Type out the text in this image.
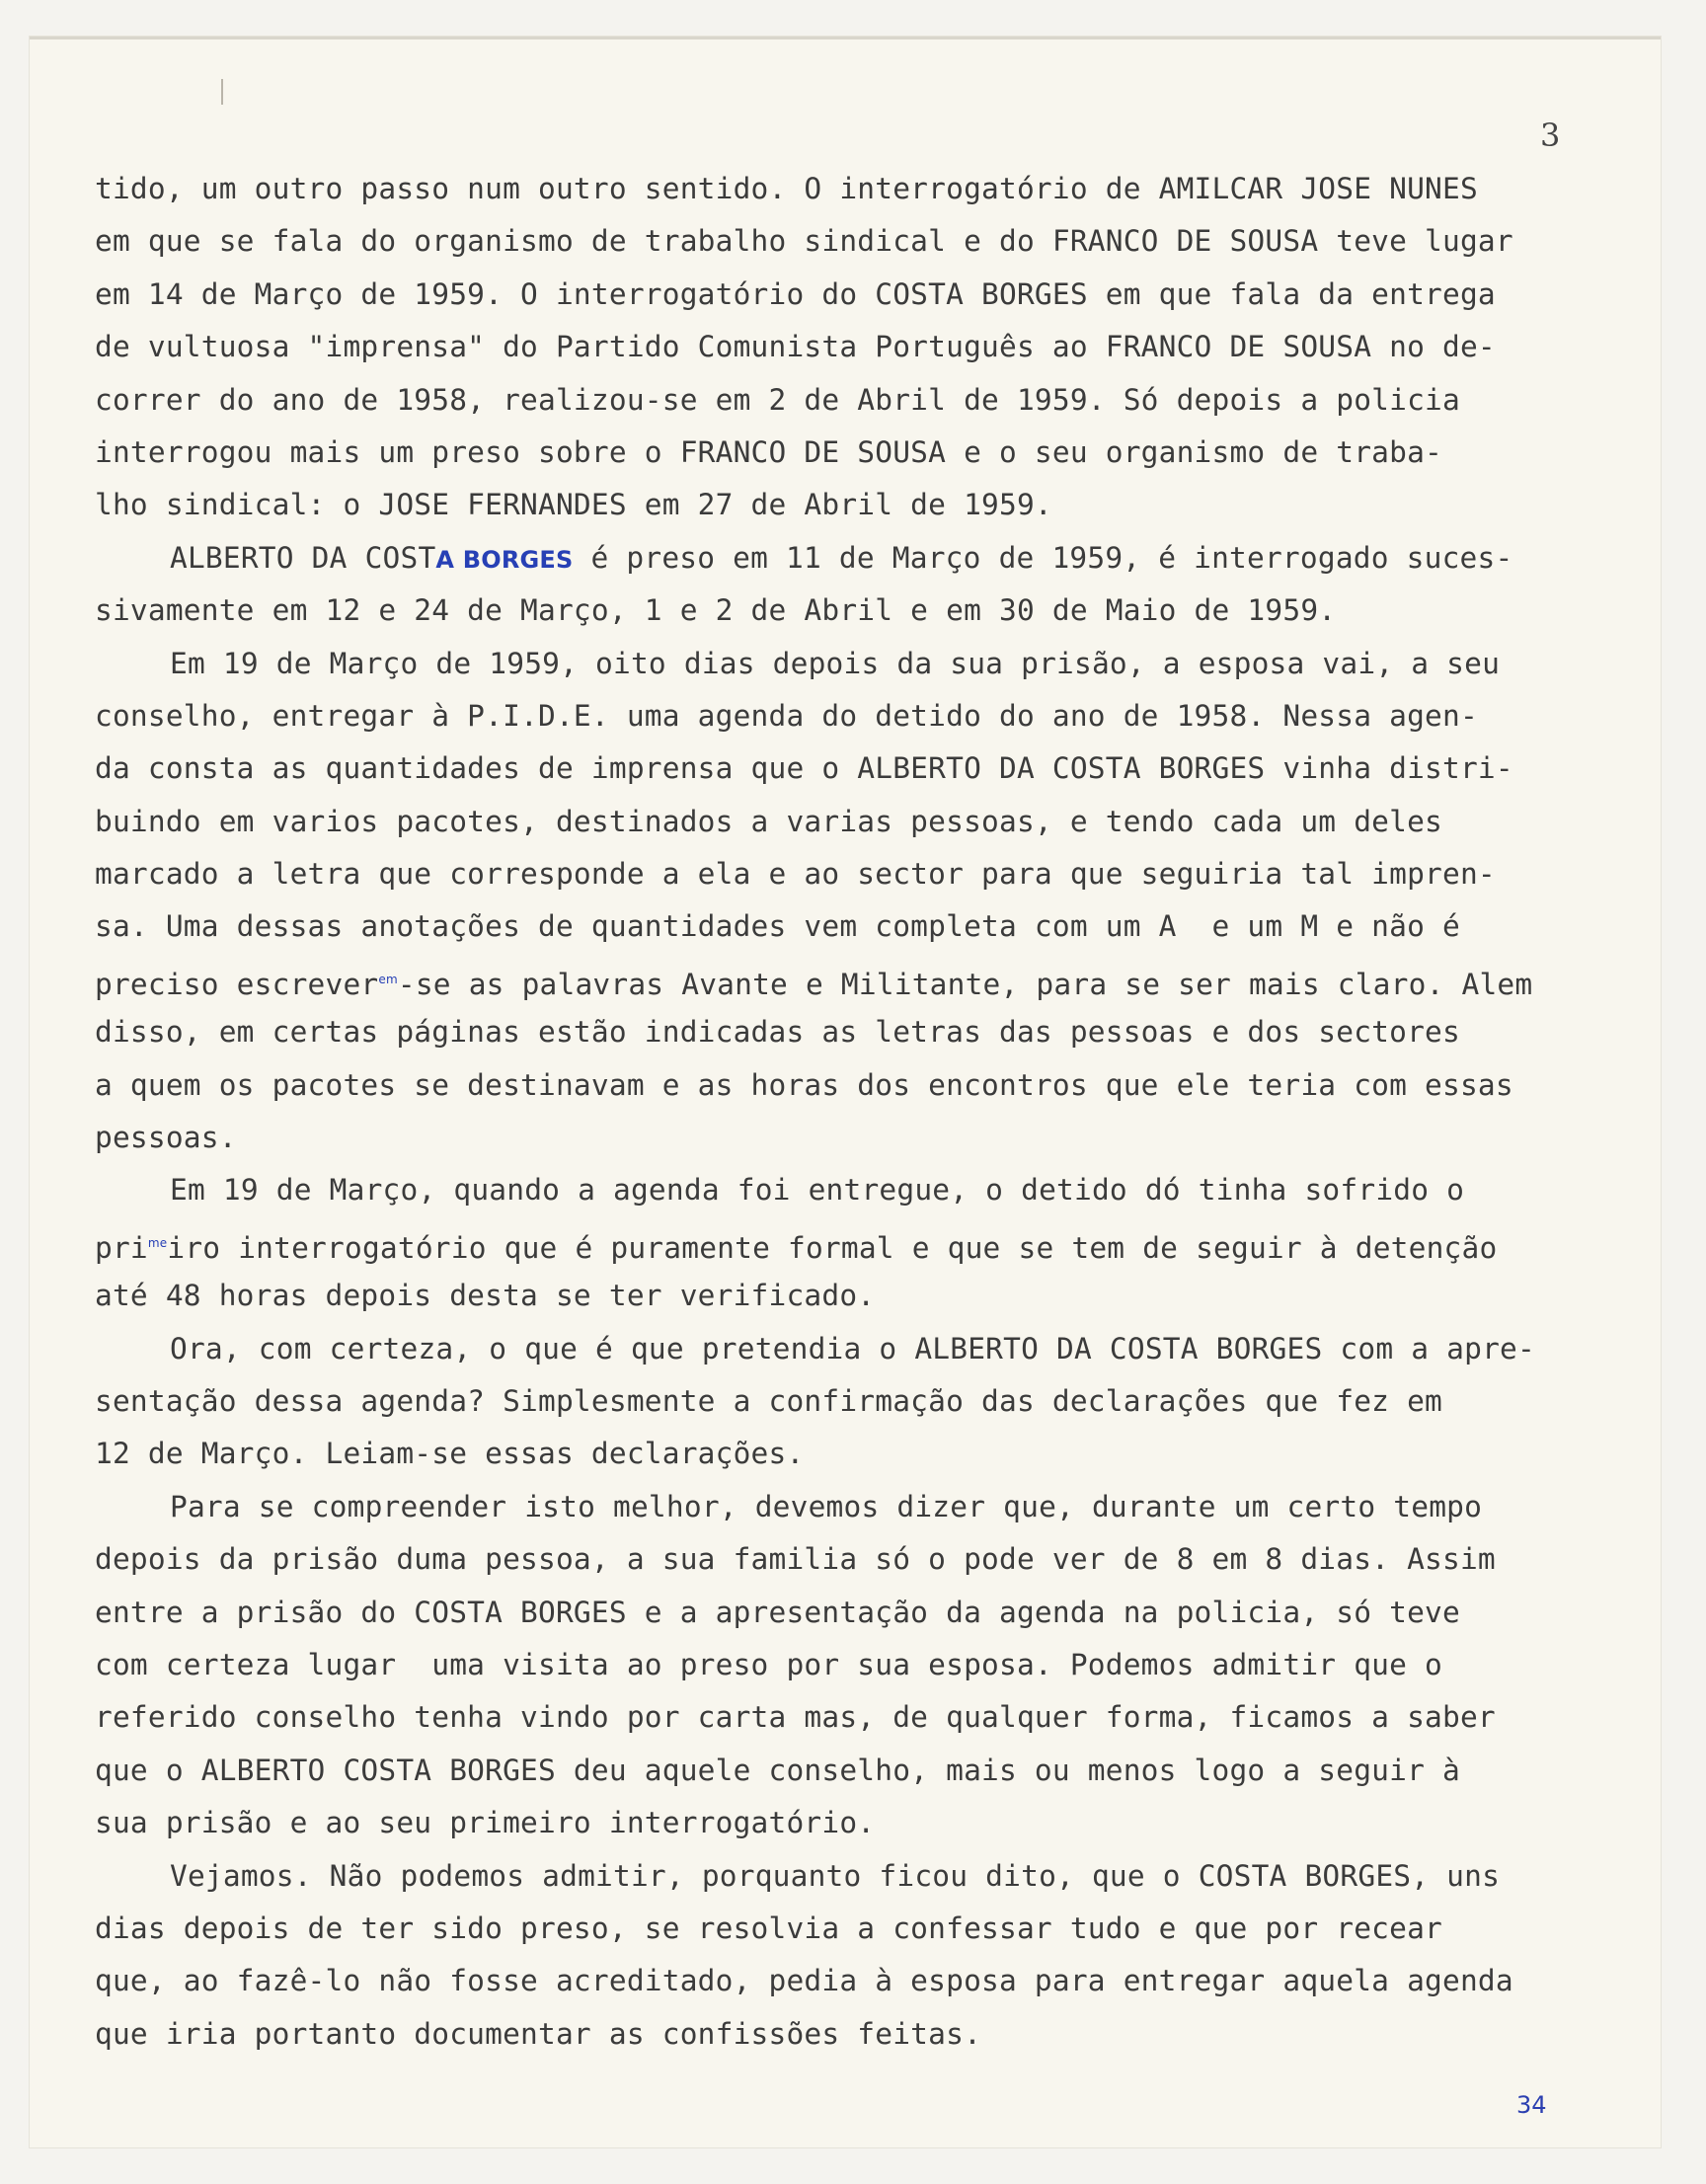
3
tido, um outro passo num outro sentido. O interrogatório de AMILCAR JOSE NUNES
em que se fala do organismo de trabalho sindical e do FRANCO DE SOUSA teve lugar
em 14 de Março de 1959. O interrogatório do COSTA BORGES em que fala da entrega
de vultuosa "imprensa" do Partido Comunista Português ao FRANCO DE SOUSA no de-
correr do ano de 1958, realizou-se em 2 de Abril de 1959. Só depois a policia
interrogou mais um preso sobre o FRANCO DE SOUSA e o seu organismo de traba-
lho sindical: o JOSE FERNANDES em 27 de Abril de 1959.
ALBERTO DA COSTA BORGES é preso em 11 de Março de 1959, é interrogado suces-
sivamente em 12 e 24 de Março, 1 e 2 de Abril e em 30 de Maio de 1959.
Em 19 de Março de 1959, oito dias depois da sua prisão, a esposa vai, a seu
conselho, entregar à P.I.D.E. uma agenda do detido do ano de 1958. Nessa agen-
da consta as quantidades de imprensa que o ALBERTO DA COSTA BORGES vinha distri-
buindo em varios pacotes, destinados a varias pessoas, e tendo cada um deles
marcado a letra que corresponde a ela e ao sector para que seguiria tal impren-
sa. Uma dessas anotações de quantidades vem completa com um A  e um M e não é
preciso escrever$^{em}$-se as palavras Avante e Militante, para se ser mais claro. Alem
disso, em certas páginas estão indicadas as letras das pessoas e dos sectores
a quem os pacotes se destinavam e as horas dos encontros que ele teria com essas
pessoas.
Em 19 de Março, quando a agenda foi entregue, o detido dó tinha sofrido o
pri$^{me}$iro interrogatório que é puramente formal e que se tem de seguir à detenção
até 48 horas depois desta se ter verificado.
Ora, com certeza, o que é que pretendia o ALBERTO DA COSTA BORGES com a apre-
sentação dessa agenda? Simplesmente a confirmação das declarações que fez em
12 de Março. Leiam-se essas declarações.
Para se compreender isto melhor, devemos dizer que, durante um certo tempo
depois da prisão duma pessoa, a sua familia só o pode ver de 8 em 8 dias. Assim
entre a prisão do COSTA BORGES e a apresentação da agenda na policia, só teve
com certeza lugar  uma visita ao preso por sua esposa. Podemos admitir que o
referido conselho tenha vindo por carta mas, de qualquer forma, ficamos a saber
que o ALBERTO COSTA BORGES deu aquele conselho, mais ou menos logo a seguir à
sua prisão e ao seu primeiro interrogatório.
Vejamos. Não podemos admitir, porquanto ficou dito, que o COSTA BORGES, uns
dias depois de ter sido preso, se resolvia a confessar tudo e que por recear
que, ao fazê-lo não fosse acreditado, pedia à esposa para entregar aquela agenda
que iria portanto documentar as confissões feitas.
34
